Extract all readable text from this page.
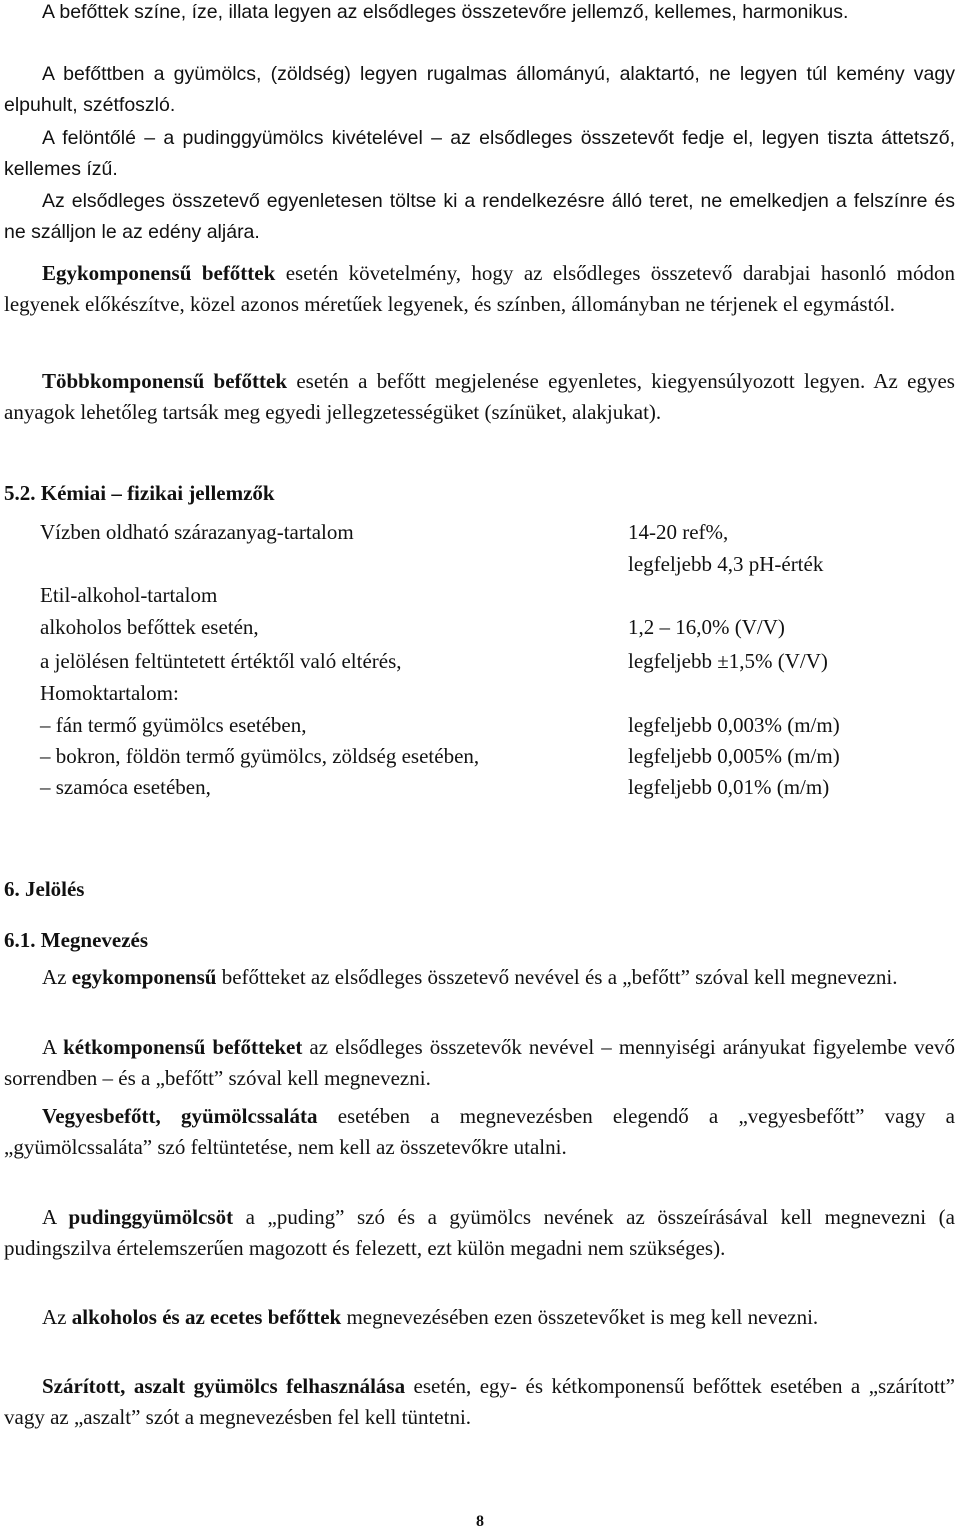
A befőttek színe, íze, illata legyen az elsődleges összetevőre jellemző, kellemes, harmonikus.

A befőttben a gyümölcs, (zöldség) legyen rugalmas állományú, alaktartó, ne legyen túl kemény vagy elpuhult, szétfoszló.

A felöntőlé – a pudinggyümölcs kivételével – az elsődleges összetevőt fedje el, legyen tiszta áttetsző, kellemes ízű.

Az elsődleges összetevő egyenletesen töltse ki a rendelkezésre álló teret, ne emelkedjen a felszínre és ne szálljon le az edény aljára.

Egykomponensű befőttek esetén követelmény, hogy az elsődleges összetevő darabjai hasonló módon legyenek előkészítve, közel azonos méretűek legyenek, és színben, állományban ne térjenek el egymástól.

Többkomponensű befőttek esetén a befőtt megjelenése egyenletes, kiegyensúlyozott legyen. Az egyes anyagok lehetőleg tartsák meg egyedi jellegzetességüket (színüket, alakjukat).

5.2. Kémiai – fizikai jellemzők

Vízben oldható szárazanyag-tartalom	14-20 ref%,
legfeljebb 4,3 pH-érték
Etil-alkohol-tartalom
alkoholos befőttek esetén,	1,2 – 16,0% (V/V)
a jelölésen feltüntetett értéktől való eltérés,	legfeljebb ±1,5% (V/V)
Homoktartalom:
– fán termő gyümölcs esetében,	legfeljebb 0,003% (m/m)
– bokron, földön termő gyümölcs, zöldség esetében,	legfeljebb 0,005% (m/m)
– szamóca esetében,	legfeljebb 0,01% (m/m)

6. Jelölés

6.1. Megnevezés

Az egykomponensű befőtteket az elsődleges összetevő nevével és a „befőtt” szóval kell megnevezni.

A kétkomponensű befőtteket az elsődleges összetevők nevével – mennyiségi arányukat figyelembe vevő sorrendben – és a „befőtt” szóval kell megnevezni.

Vegyesbefőtt, gyümölcssaláta esetében a megnevezésben elegendő a „vegyesbefőtt” vagy a „gyümölcssaláta” szó feltüntetése, nem kell az összetevőkre utalni.

A pudinggyümölcsöt a „puding” szó és a gyümölcs nevének az összeírásával kell megnevezni (a pudingszilva értelemszerűen magozott és felezett, ezt külön megadni nem szükséges).

Az alkoholos és az ecetes befőttek megnevezésében ezen összetevőket is meg kell nevezni.

Szárított, aszalt gyümölcs felhasználása esetén, egy- és kétkomponensű befőttek esetében a „szárított” vagy az „aszalt” szót a megnevezésben fel kell tüntetni.

8
